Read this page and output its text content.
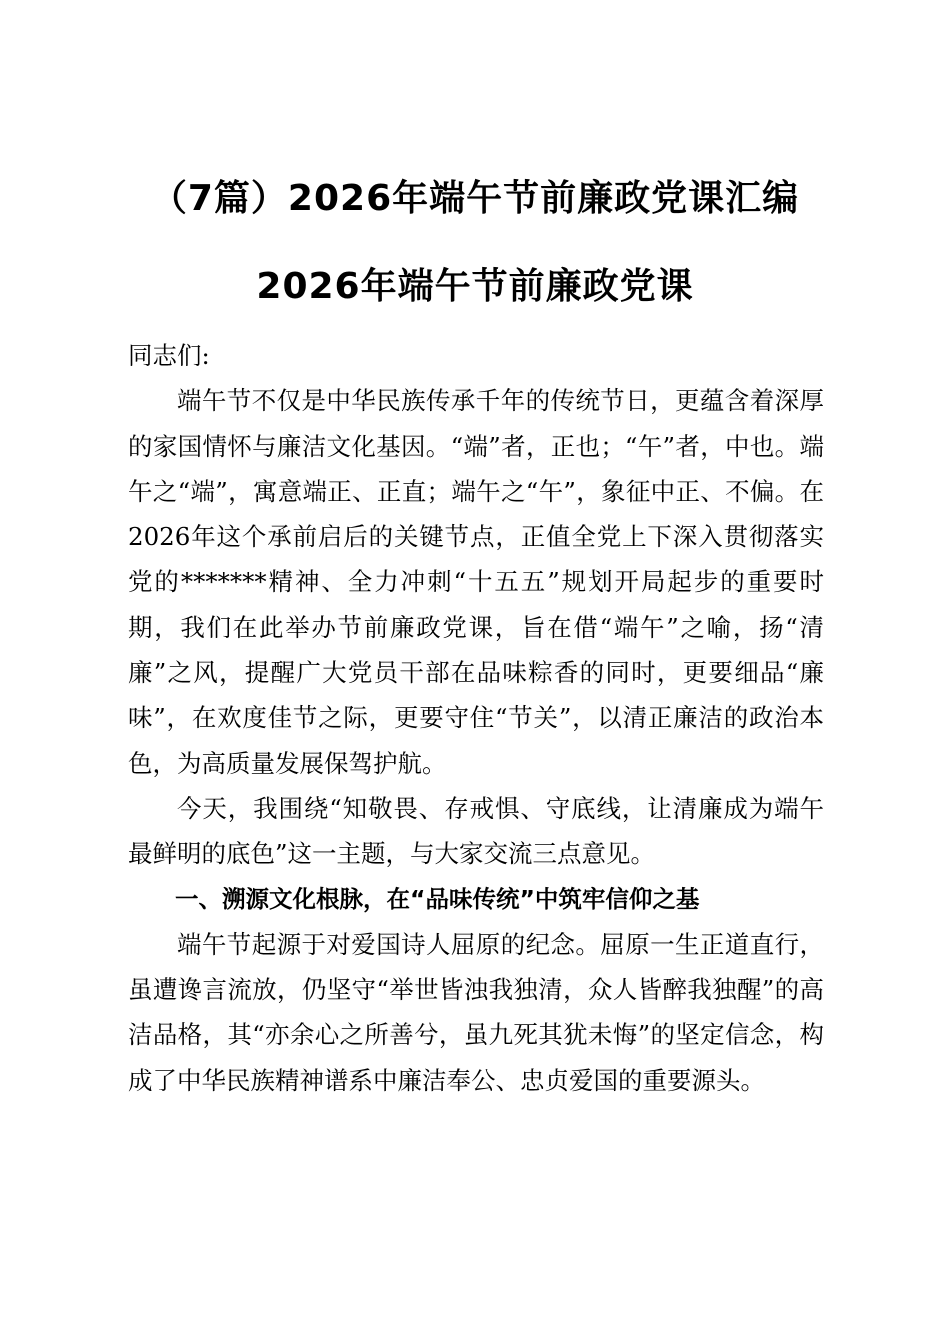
（7篇）2026年端午节前廉政党课汇编
2026年端午节前廉政党课

同志们:

端午节不仅是中华民族传承千年的传统节日，更蕴含着深厚的家国情怀与廉洁文化基因。“端”者，正也；“午”者，中也。端午之“端”，寓意端正、正直；端午之“午”，象征中正、不偏。在2026年这个承前启后的关键节点，正值全党上下深入贯彻落实党的*******精神、全力冲刺“十五五”规划开局起步的重要时期，我们在此举办节前廉政党课，旨在借“端午”之喻，扬“清廉”之风，提醒广大党员干部在品味粽香的同时，更要细品“廉味”，在欢度佳节之际，更要守住“节关”，以清正廉洁的政治本色，为高质量发展保驾护航。

今天，我围绕“知敬畏、存戒惧、守底线，让清廉成为端午最鲜明的底色”这一主题，与大家交流三点意见。

一、溯源文化根脉，在“品味传统”中筑牢信仰之基

端午节起源于对爱国诗人屈原的纪念。屈原一生正道直行，虽遭谗言流放，仍坚守“举世皆浊我独清，众人皆醉我独醒”的高洁品格，其“亦余心之所善兮，虽九死其犹未悔”的坚定信念，构成了中华民族精神谱系中廉洁奉公、忠贞爱国的重要源头。
